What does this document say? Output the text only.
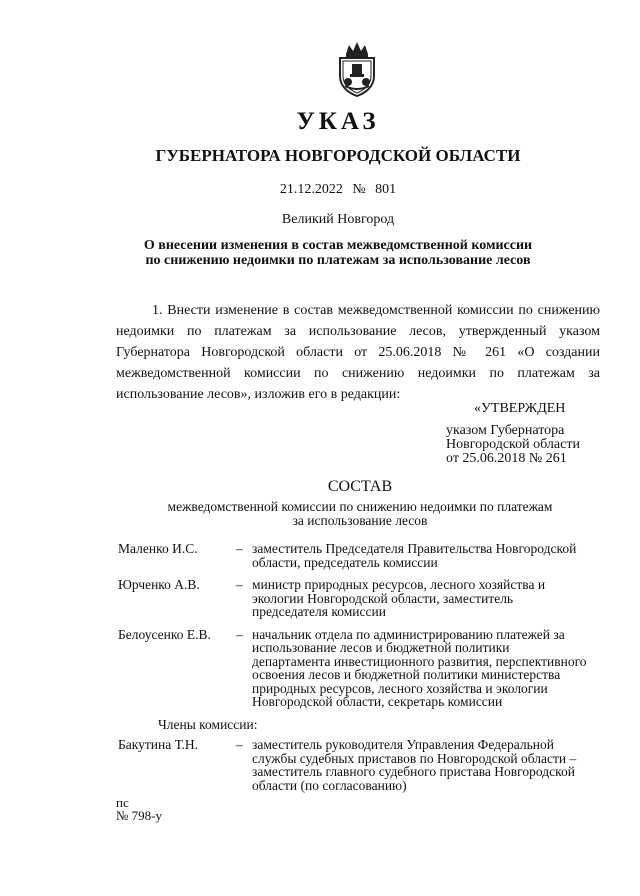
УКАЗ
ГУБЕРНАТОРА НОВГОРОДСКОЙ ОБЛАСТИ
21.12.2022 № 801
Великий Новгород
О внесении изменения в состав межведомственной комиссии
по снижению недоимки по платежам за использование лесов
1. Внести изменение в состав межведомственной комиссии по снижению недоимки по платежам за использование лесов, утвержденный указом Губернатора Новгородской области от 25.06.2018 № 261 «О создании межведомственной комиссии по снижению недоимки по платежам за использование лесов», изложив его в редакции:
«УТВЕРЖДЕН
указом Губернатора
Новгородской области
от 25.06.2018 № 261
СОСТАВ
межведомственной комиссии по снижению недоимки по платежам
за использование лесов
Маленко И.С.	– заместитель Председателя Правительства Новгородской области, председатель комиссии
Юрченко А.В.	– министр природных ресурсов, лесного хозяйства и экологии Новгородской области, заместитель председателя комиссии
Белоусенко Е.В.	– начальник отдела по администрированию платежей за использование лесов и бюджетной политики департамента инвестиционного развития, перспективного освоения лесов и бюджетной политики министерства природных ресурсов, лесного хозяйства и экологии Новгородской области, секретарь комиссии
Члены комиссии:
Бакутина Т.Н.	– заместитель руководителя Управления Федеральной службы судебных приставов по Новгородской области – заместитель главного судебного пристава Новгородской области (по согласованию)
пс
№ 798-у
